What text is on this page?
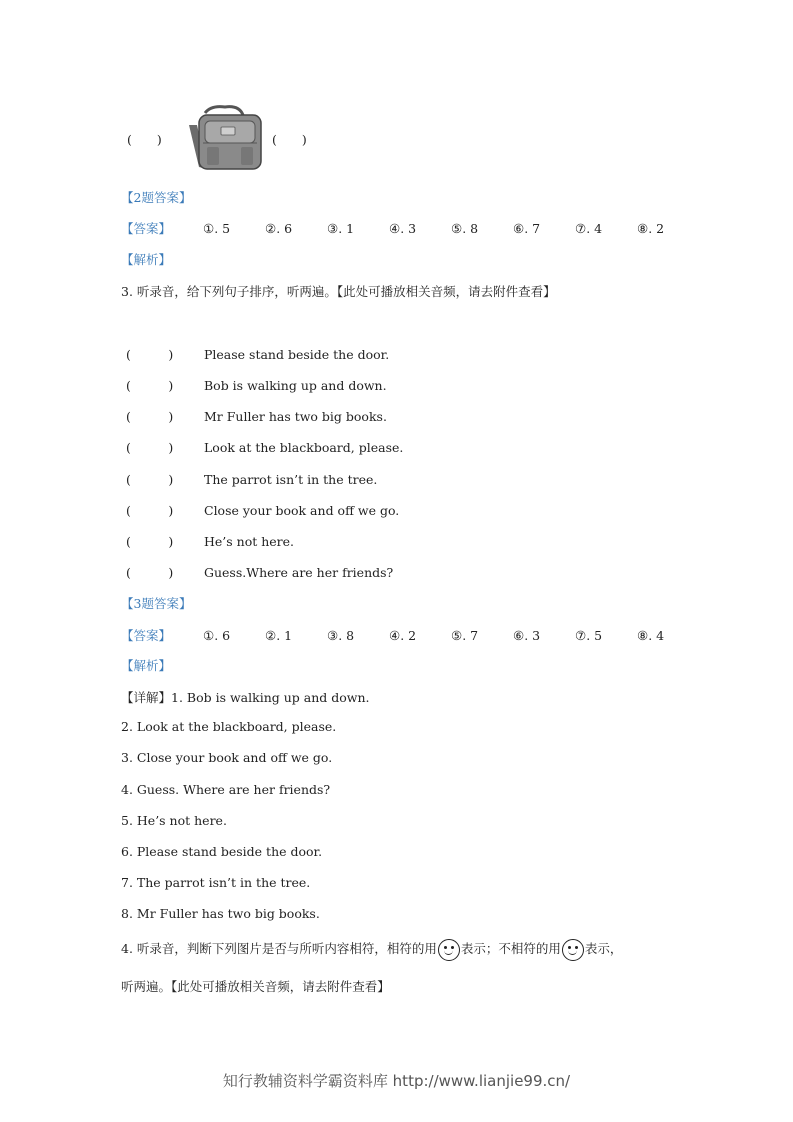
(　　)	(　　)
【2题答案】
【答案】	①. 5	②. 6	③. 1	④. 3	⑤. 8	⑥. 7	⑦. 4	⑧. 2
【解析】
3. 听录音，给下列句子排序，听两遍。【此处可播放相关音频，请去附件查看】
(　　　) Please stand beside the door.
(　　　) Bob is walking up and down.
(　　　) Mr Fuller has two big books.
(　　　) Look at the blackboard, please.
(　　　) The parrot isn’t in the tree.
(　　　) Close your book and off we go.
(　　　) He’s not here.
(　　　) Guess.Where are her friends?
【3题答案】
【答案】	①. 6	②. 1	③. 8	④. 2	⑤. 7	⑥. 3	⑦. 5	⑧. 4
【解析】
【详解】1. Bob is walking up and down.
2. Look at the blackboard, please.
3. Close your book and off we go.
4. Guess. Where are her friends?
5. He’s not here.
6. Please stand beside the door.
7. The parrot isn’t in the tree.
8. Mr Fuller has two big books.
4. 听录音，判断下列图片是否与所听内容相符，相符的用 表示；不相符的用 表示，
听两遍。【此处可播放相关音频，请去附件查看】
知行教辅资料学霸资料库 http://www.lianjie99.cn/
